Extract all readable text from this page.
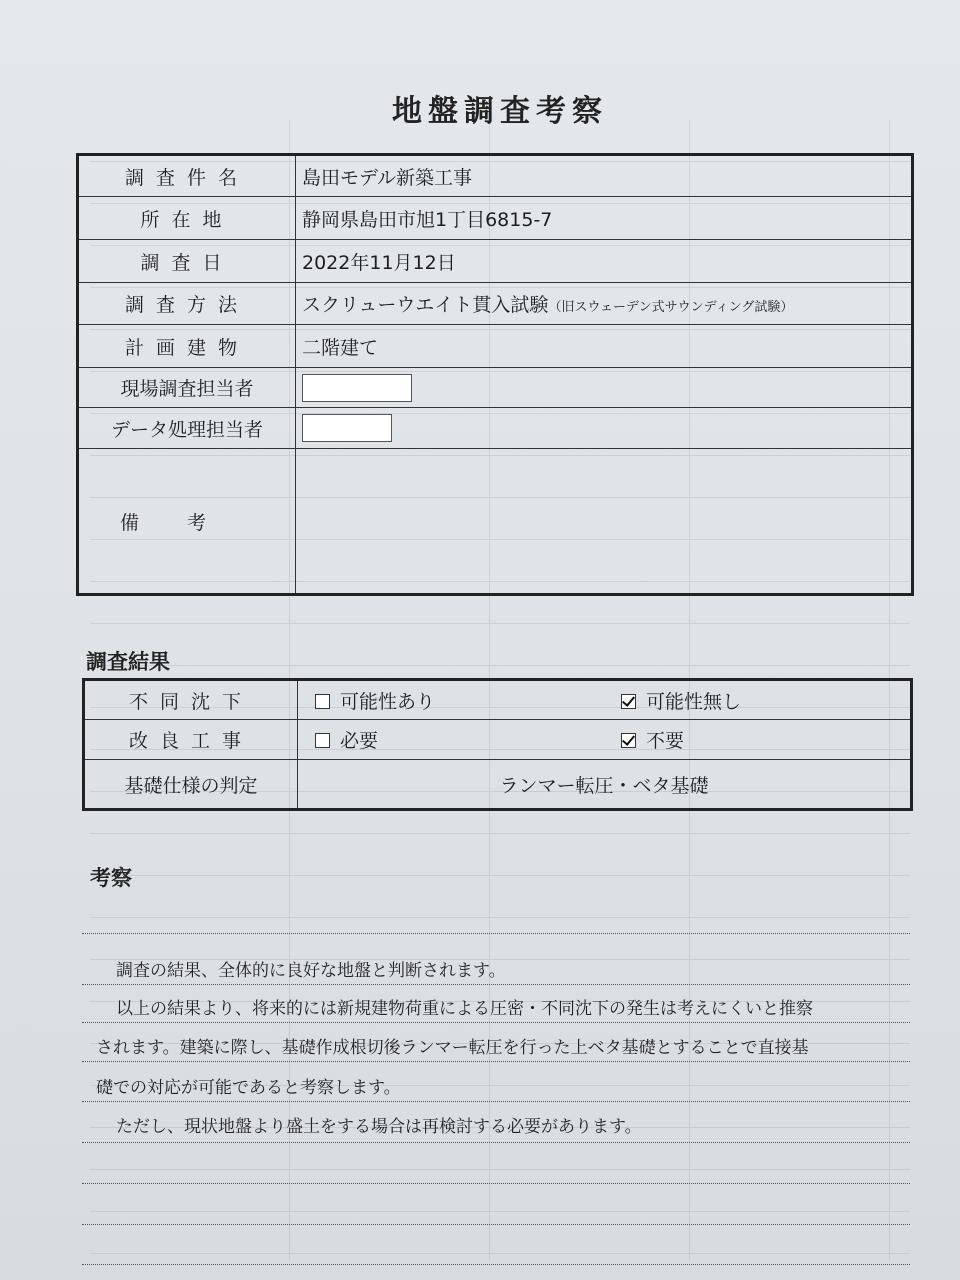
地盤調査考察
調査件名	島田モデル新築工事
所在地	静岡県島田市旭1丁目6815-7
調査日	2022年11月12日
調査方法	スクリューウエイト貫入試験（旧スウェーデン式サウンディング試験）
計画建物	二階建て
現場調査担当者	
データ処理担当者	
備考	
調査結果
不同沈下	可能性あり 可能性無し
改良工事	必要 不要
基礎仕様の判定	ランマー転圧・ベタ基礎
考察
調査の結果、全体的に良好な地盤と判断されます。
以上の結果より、将来的には新規建物荷重による圧密・不同沈下の発生は考えにくいと推察
されます。建築に際し、基礎作成根切後ランマー転圧を行った上ベタ基礎とすることで直接基
礎での対応が可能であると考察します。
ただし、現状地盤より盛土をする場合は再検討する必要があります。
